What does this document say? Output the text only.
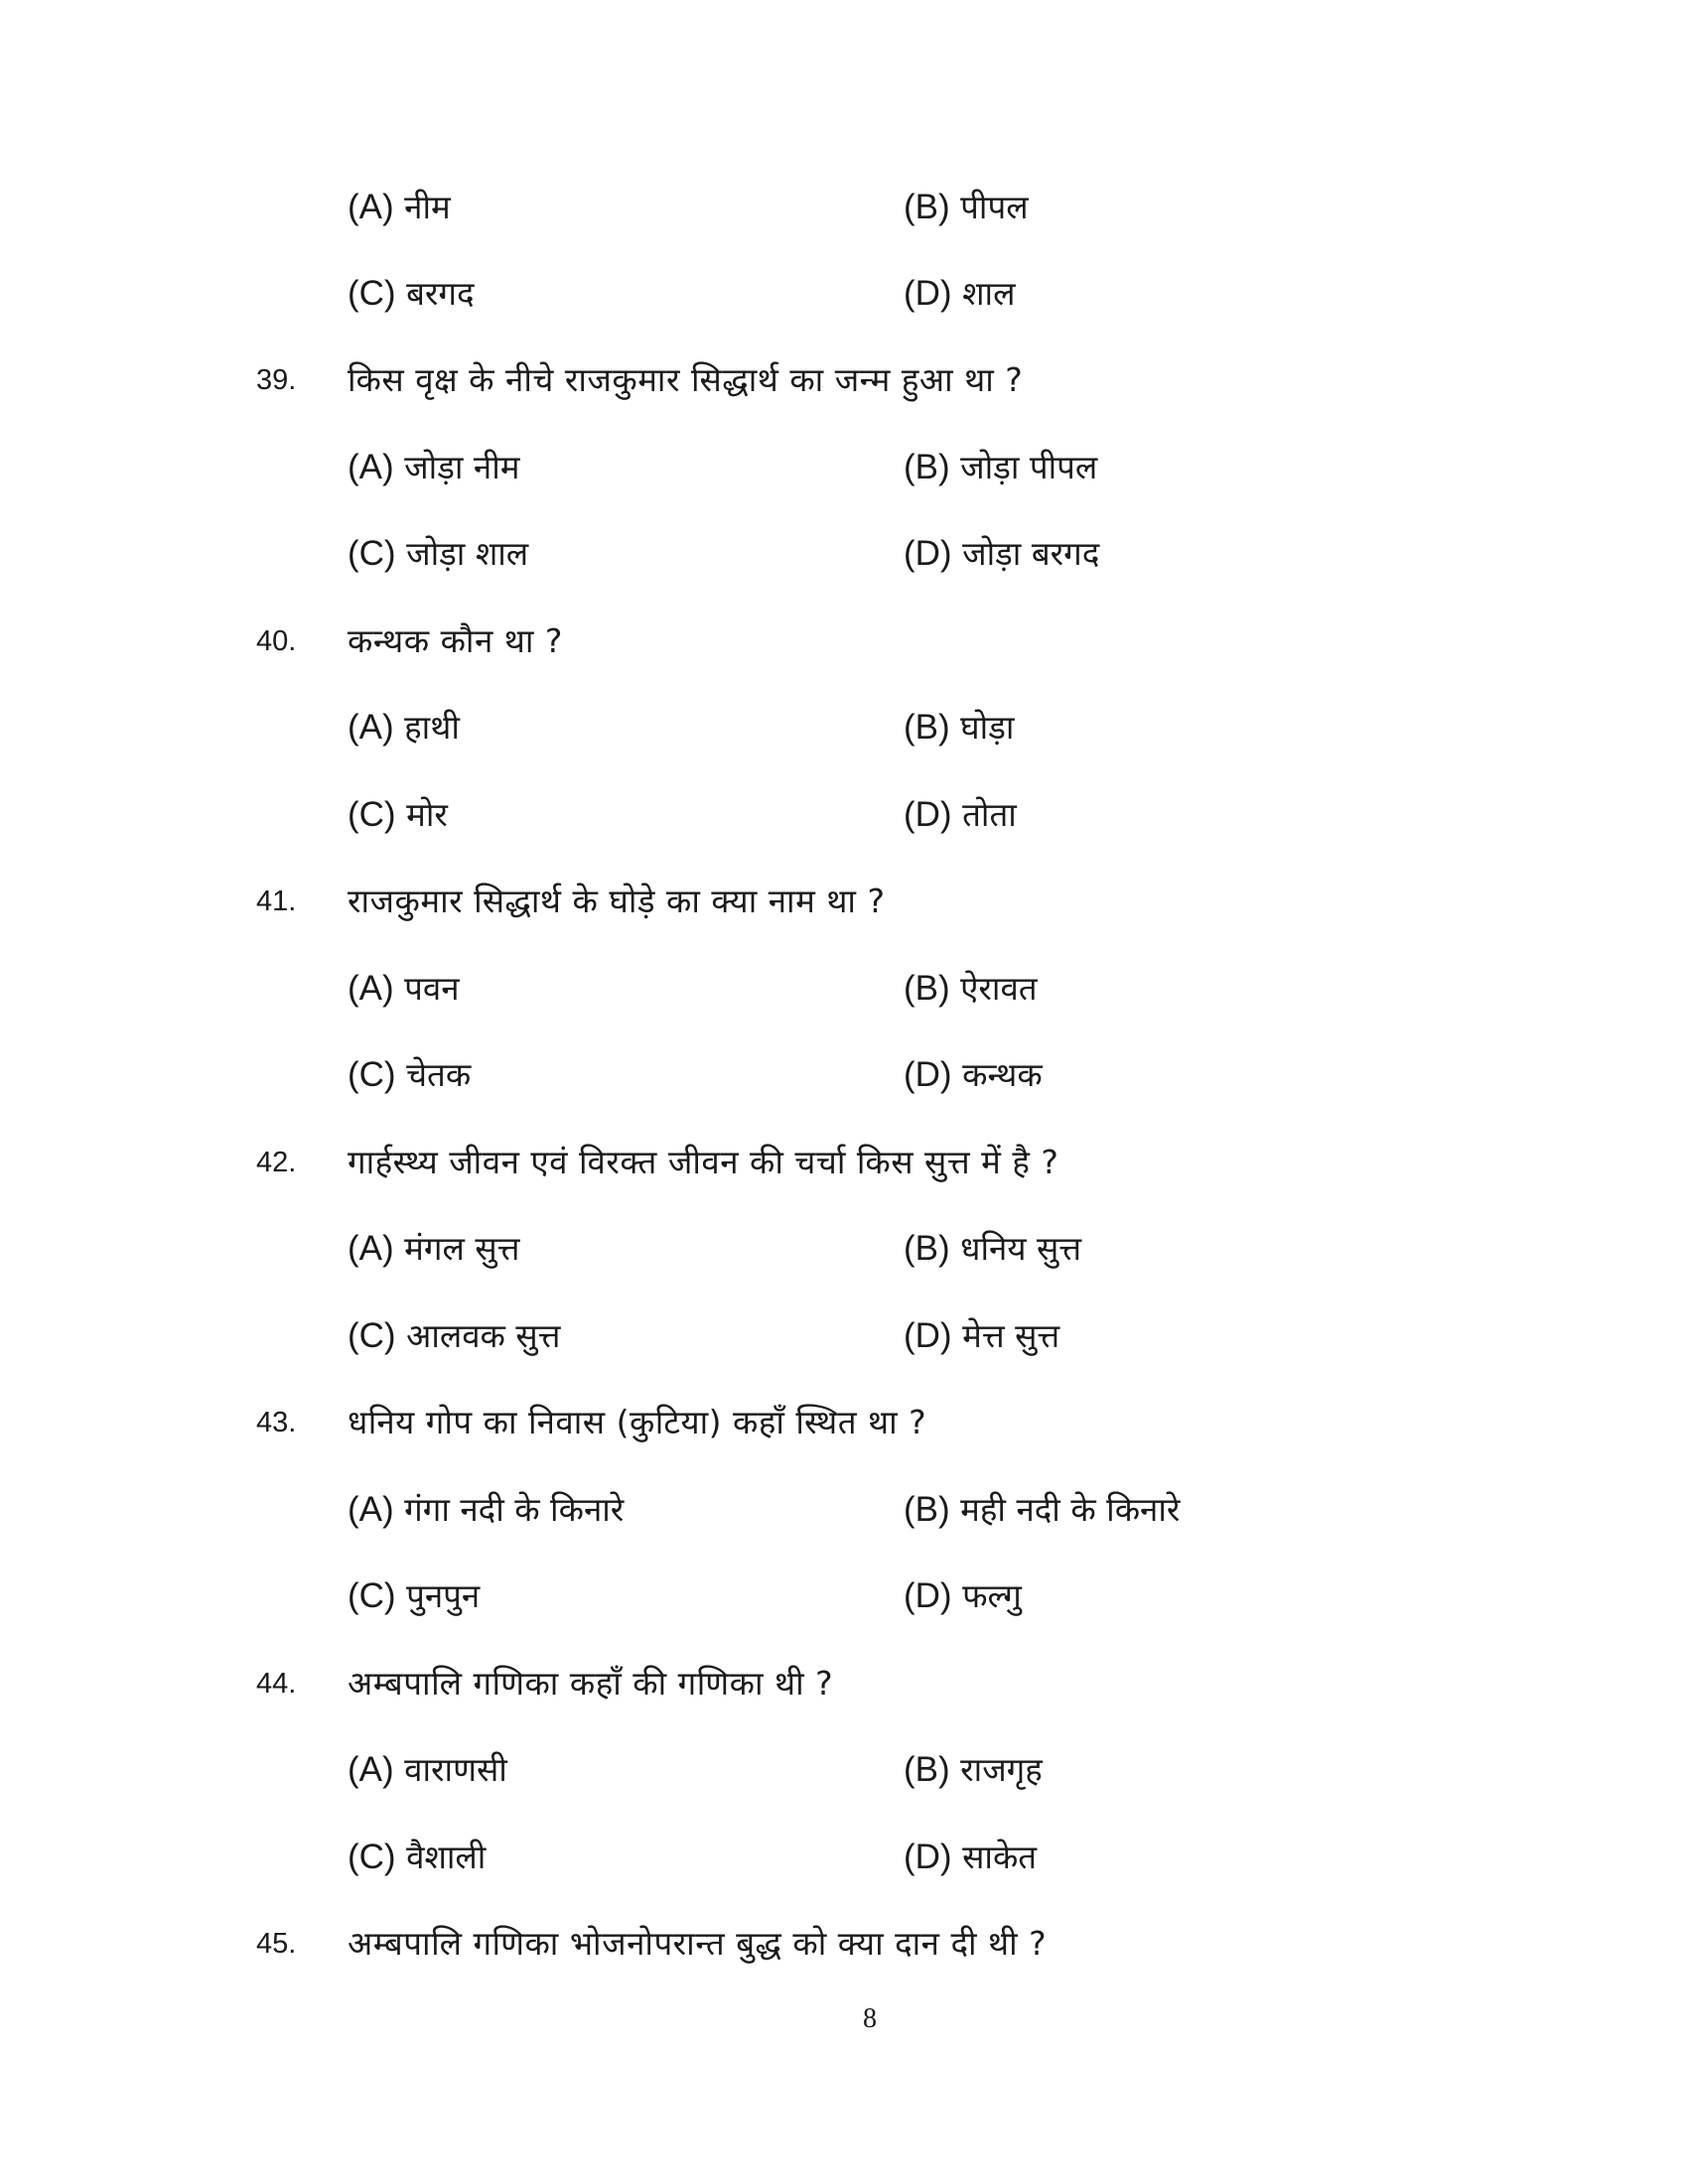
(A) नीम	(B) पीपल
(C) बरगद	(D) शाल
39. किस वृक्ष के नीचे राजकुमार सिद्धार्थ का जन्म हुआ था ?
(A) जोड़ा नीम	(B) जोड़ा पीपल
(C) जोड़ा शाल	(D) जोड़ा बरगद
40. कन्थक कौन था ?
(A) हाथी	(B) घोड़ा
(C) मोर	(D) तोता
41. राजकुमार सिद्धार्थ के घोड़े का क्या नाम था ?
(A) पवन	(B) ऐरावत
(C) चेतक	(D) कन्थक
42. गार्हस्थ्य जीवन एवं विरक्त जीवन की चर्चा किस सुत्त में है ?
(A) मंगल सुत्त	(B) धनिय सुत्त
(C) आलवक सुत्त	(D) मेत्त सुत्त
43. धनिय गोप का निवास (कुटिया) कहाँ स्थित था ?
(A) गंगा नदी के किनारे	(B) मही नदी के किनारे
(C) पुनपुन	(D) फल्गु
44. अम्बपालि गणिका कहाँ की गणिका थी ?
(A) वाराणसी	(B) राजगृह
(C) वैशाली	(D) साकेत
45. अम्बपालि गणिका भोजनोपरान्त बुद्ध को क्या दान दी थी ?
8
